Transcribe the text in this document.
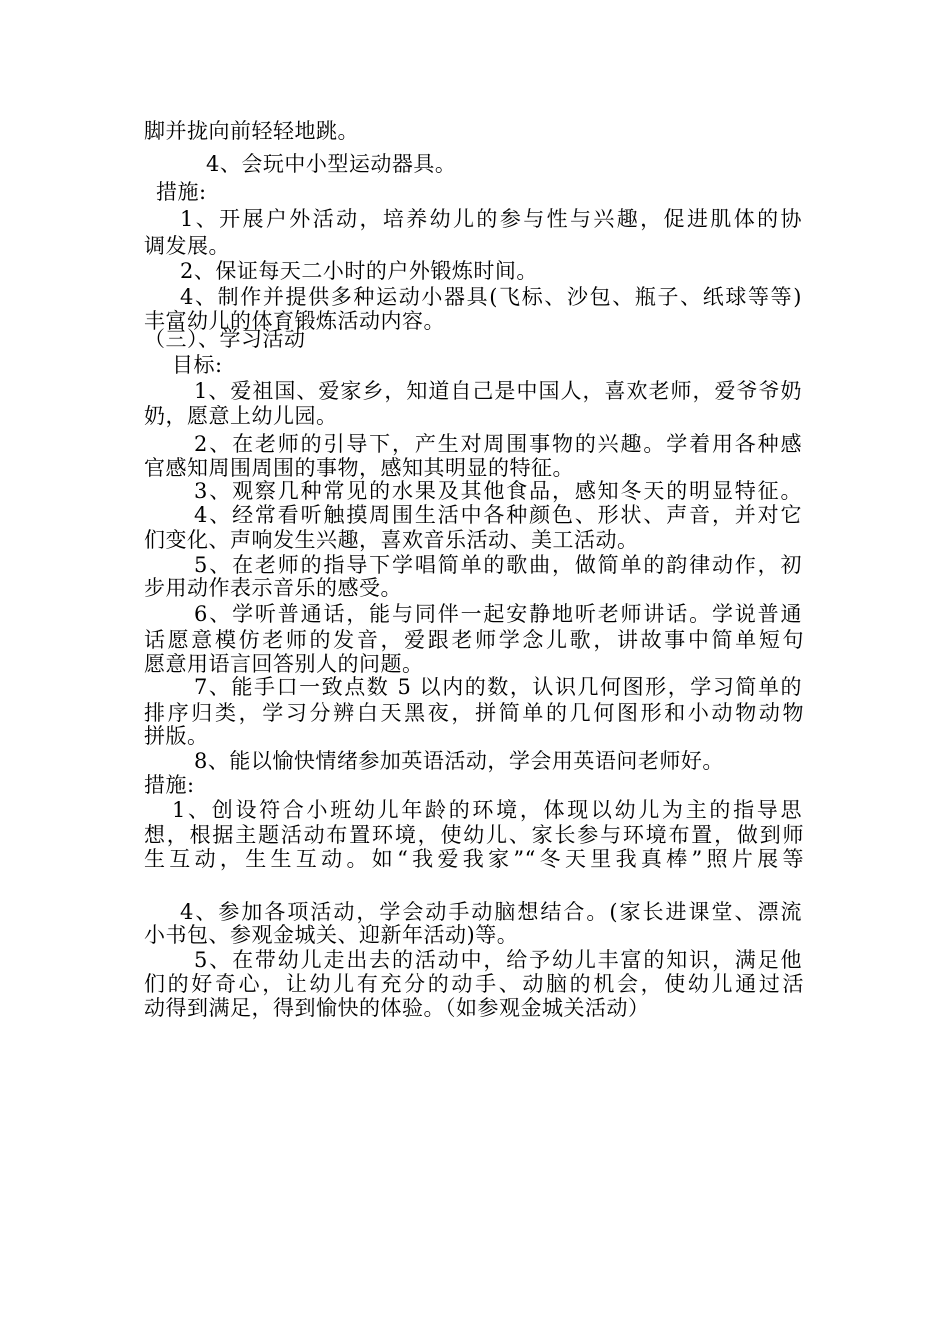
脚并拢向前轻轻地跳。
4、会玩中小型运动器具。
措施:
1、开展户外活动，培养幼儿的参与性与兴趣，促进肌体的协
调发展。
2、保证每天二小时的户外锻炼时间。
4、制作并提供多种运动小器具(飞标、沙包、瓶子、纸球等等)
丰富幼儿的体育锻炼活动内容。
（三）、学习活动
目标:
1、爱祖国、爱家乡，知道自己是中国人，喜欢老师，爱爷爷奶
奶，愿意上幼儿园。
2、在老师的引导下，产生对周围事物的兴趣。学着用各种感
官感知周围周围的事物，感知其明显的特征。
3、观察几种常见的水果及其他食品，感知冬天的明显特征。
4、经常看听触摸周围生活中各种颜色、形状、声音，并对它
们变化、声响发生兴趣，喜欢音乐活动、美工活动。
5、在老师的指导下学唱简单的歌曲，做简单的韵律动作，初
步用动作表示音乐的感受。
6、学听普通话，能与同伴一起安静地听老师讲话。学说普通
话愿意模仿老师的发音，爱跟老师学念儿歌，讲故事中简单短句
愿意用语言回答别人的问题。
7、能手口一致点数 5 以内的数，认识几何图形，学习简单的
排序归类，学习分辨白天黑夜，拼简单的几何图形和小动物动物
拼版。
8、能以愉快情绪参加英语活动，学会用英语问老师好。
措施:
1、创设符合小班幼儿年龄的环境，体现以幼儿为主的指导思
想，根据主题活动布置环境，使幼儿、家长参与环境布置，做到师
生互动，生生互动。如“我爱我家”“冬天里我真棒”照片展等
4、参加各项活动，学会动手动脑想结合。(家长进课堂、漂流
小书包、参观金城关、迎新年活动)等。
5、在带幼儿走出去的活动中，给予幼儿丰富的知识，满足他
们的好奇心，让幼儿有充分的动手、动脑的机会，使幼儿通过活
动得到满足，得到愉快的体验。（如参观金城关活动）
